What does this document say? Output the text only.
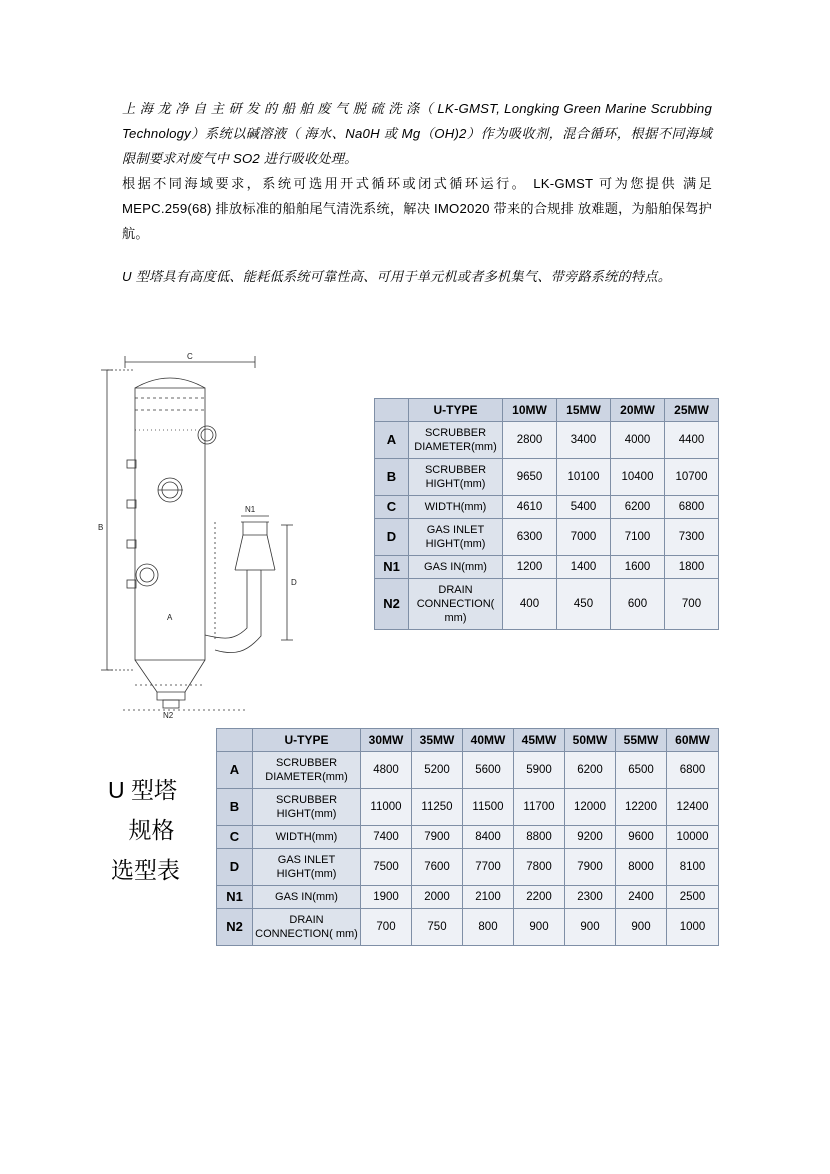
上 海 龙 净 自 主 研 发 的 船 舶 废 气 脱 硫 洗 涤（ LK-GMST, Longking Green Marine Scrubbing Technology）系统以碱溶液（ 海水、Na0H 或 Mg（OH)2）作为吸收剂，混合循环，根据不同海域限制要求对废气中 SO2 进行吸收处理。

根据不同海域要求，系统可选用开式循环或闭式循环运行。 LK-GMST 可为您提供 满足 MEPC.259(68) 排放标准的船舶尾气清洗系统，解决 IMO2020 带来的合规排 放难题，为船舶保驾护航。

U 型塔具有高度低、能耗低系统可靠性高、可用于单元机或者多机集气、带旁路系统的特点。

C
B
A
D
N1
N2
U 型塔
规格
选型表
	U-TYPE	10MW	15MW	20MW	25MW
A	SCRUBBER DIAMETER(mm)	2800	3400	4000	4400
B	SCRUBBER HIGHT(mm)	9650	10100	10400	10700
C	WIDTH(mm)	4610	5400	6200	6800
D	GAS INLET HIGHT(mm)	6300	7000	7100	7300
N1	GAS IN(mm)	1200	1400	1600	1800
N2	DRAIN CONNECTION( mm)	400	450	600	700
	U-TYPE	30MW	35MW	40MW	45MW	50MW	55MW	60MW
A	SCRUBBER DIAMETER(mm)	4800	5200	5600	5900	6200	6500	6800
B	SCRUBBER HIGHT(mm)	11000	11250	11500	11700	12000	12200	12400
C	WIDTH(mm)	7400	7900	8400	8800	9200	9600	10000
D	GAS INLET HIGHT(mm)	7500	7600	7700	7800	7900	8000	8100
N1	GAS IN(mm)	1900	2000	2100	2200	2300	2400	2500
N2	DRAIN CONNECTION( mm)	700	750	800	900	900	900	1000
